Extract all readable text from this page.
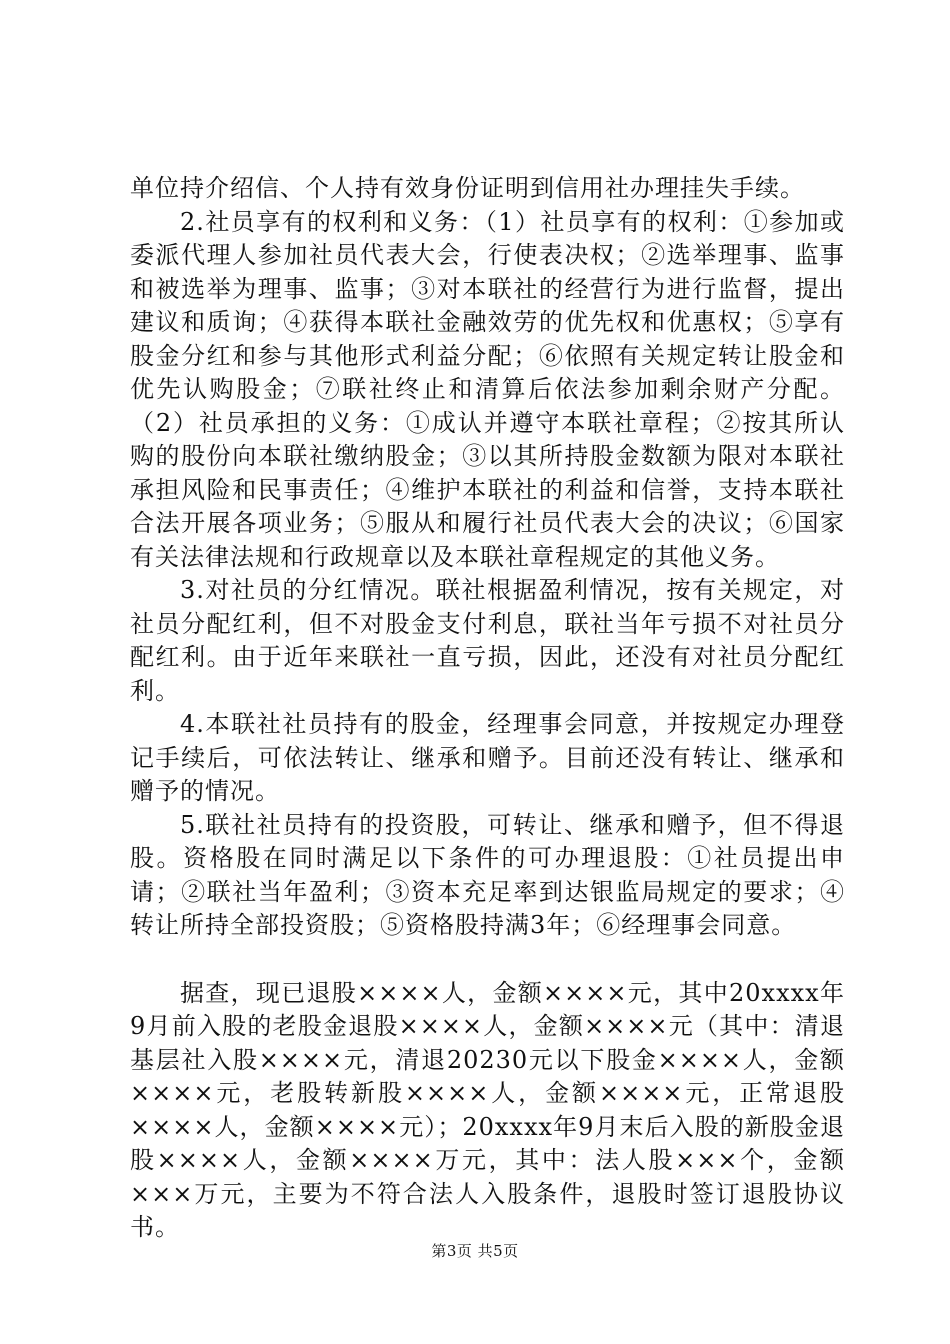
单位持介绍信、个人持有效身份证明到信用社办理挂失手续。

2.社员享有的权利和义务：（1）社员享有的权利：①参加或委派代理人参加社员代表大会，行使表决权；②选举理事、监事和被选举为理事、监事；③对本联社的经营行为进行监督，提出建议和质询；④获得本联社金融效劳的优先权和优惠权；⑤享有股金分红和参与其他形式利益分配；⑥依照有关规定转让股金和优先认购股金；⑦联社终止和清算后依法参加剩余财产分配。（2）社员承担的义务：①成认并遵守本联社章程；②按其所认购的股份向本联社缴纳股金；③以其所持股金数额为限对本联社承担风险和民事责任；④维护本联社的利益和信誉，支持本联社合法开展各项业务；⑤服从和履行社员代表大会的决议；⑥国家有关法律法规和行政规章以及本联社章程规定的其他义务。

3.对社员的分红情况。联社根据盈利情况，按有关规定，对社员分配红利，但不对股金支付利息，联社当年亏损不对社员分配红利。由于近年来联社一直亏损，因此，还没有对社员分配红利。

4.本联社社员持有的股金，经理事会同意，并按规定办理登记手续后，可依法转让、继承和赠予。目前还没有转让、继承和赠予的情况。

5.联社社员持有的投资股，可转让、继承和赠予，但不得退股。资格股在同时满足以下条件的可办理退股：①社员提出申请；②联社当年盈利；③资本充足率到达银监局规定的要求；④转让所持全部投资股；⑤资格股持满3年；⑥经理事会同意。

据查，现已退股××××人，金额××××元，其中20xxxx年9月前入股的老股金退股××××人，金额××××元（其中：清退基层社入股××××元，清退20230元以下股金××××人，金额××××元，老股转新股××××人，金额××××元，正常退股××××人，金额××××元）；20xxxx年9月末后入股的新股金退股××××人，金额××××万元，其中：法人股×××个，金额×××万元，主要为不符合法人入股条件，退股时签订退股协议书。

第3页 共5页
